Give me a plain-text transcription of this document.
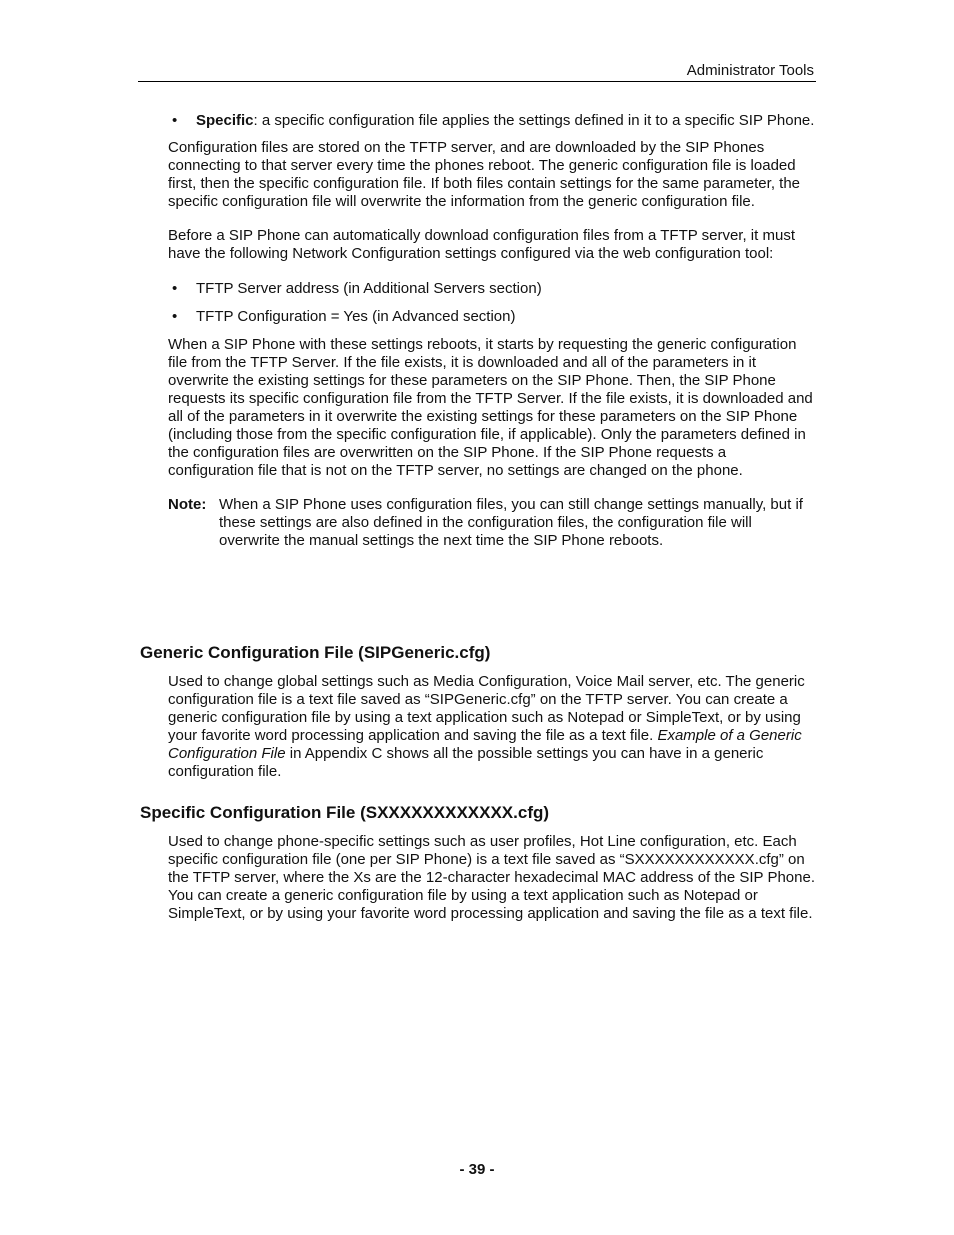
Administrator Tools
• Specific: a specific configuration file applies the settings defined in it to a specific SIP Phone.

Configuration files are stored on the TFTP server, and are downloaded by the SIP Phones connecting to that server every time the phones reboot. The generic configuration file is loaded first, then the specific configuration file. If both files contain settings for the same parameter, the specific configuration file will overwrite the information from the generic configuration file.

Before a SIP Phone can automatically download configuration files from a TFTP server, it must have the following Network Configuration settings configured via the web configuration tool:

• TFTP Server address (in Additional Servers section)
• TFTP Configuration = Yes (in Advanced section)

When a SIP Phone with these settings reboots, it starts by requesting the generic configuration file from the TFTP Server. If the file exists, it is downloaded and all of the parameters in it overwrite the existing settings for these parameters on the SIP Phone. Then, the SIP Phone requests its specific configuration file from the TFTP Server. If the file exists, it is downloaded and all of the parameters in it overwrite the existing settings for these parameters on the SIP Phone (including those from the specific configuration file, if applicable). Only the parameters defined in the configuration files are overwritten on the SIP Phone. If the SIP Phone requests a configuration file that is not on the TFTP server, no settings are changed on the phone.

Note: When a SIP Phone uses configuration files, you can still change settings manually, but if these settings are also defined in the configuration files, the configuration file will overwrite the manual settings the next time the SIP Phone reboots.
Generic Configuration File (SIPGeneric.cfg)

Used to change global settings such as Media Configuration, Voice Mail server, etc. The generic configuration file is a text file saved as “SIPGeneric.cfg” on the TFTP server. You can create a generic configuration file by using a text application such as Notepad or SimpleText, or by using your favorite word processing application and saving the file as a text file. Example of a Generic Configuration File in Appendix C shows all the possible settings you can have in a generic configuration file.

Specific Configuration File (SXXXXXXXXXXXX.cfg)

Used to change phone-specific settings such as user profiles, Hot Line configuration, etc. Each specific configuration file (one per SIP Phone) is a text file saved as “SXXXXXXXXXXXX.cfg” on the TFTP server, where the Xs are the 12-character hexadecimal MAC address of the SIP Phone. You can create a generic configuration file by using a text application such as Notepad or SimpleText, or by using your favorite word processing application and saving the file as a text file.

- 39 -
